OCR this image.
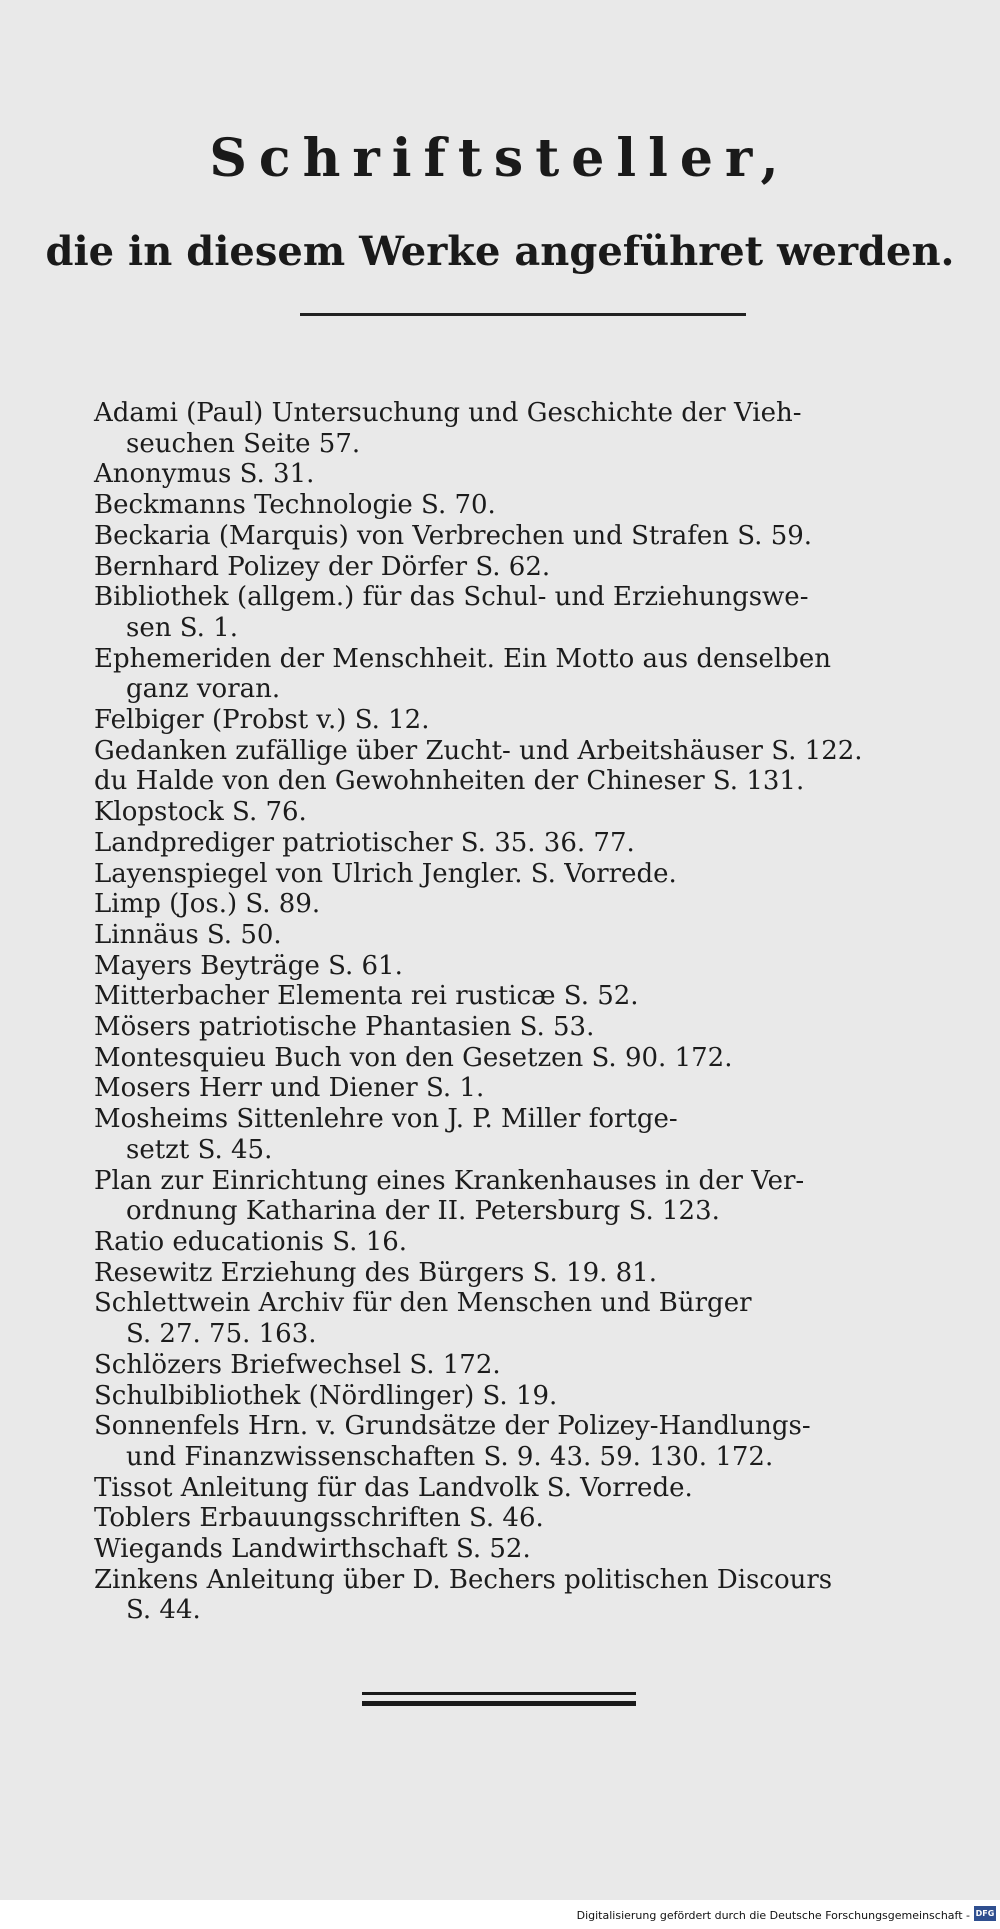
Schriftsteller,
die in diesem Werke angeführet werden.
Adami (Paul) Untersuchung und Geschichte der Vieh-
seuchen Seite 57.
Anonymus S. 31.
Beckmanns Technologie S. 70.
Beckaria (Marquis) von Verbrechen und Strafen S. 59.
Bernhard Polizey der Dörfer S. 62.
Bibliothek (allgem.) für das Schul- und Erziehungswe-
sen S. 1.
Ephemeriden der Menschheit. Ein Motto aus denselben
ganz voran.
Felbiger (Probst v.) S. 12.
Gedanken zufällige über Zucht- und Arbeitshäuser S. 122.
du Halde von den Gewohnheiten der Chineser S. 131.
Klopstock S. 76.
Landprediger patriotischer S. 35. 36. 77.
Layenspiegel von Ulrich Jengler. S. Vorrede.
Limp (Jos.) S. 89.
Linnäus S. 50.
Mayers Beyträge S. 61.
Mitterbacher Elementa rei rusticæ S. 52.
Mösers patriotische Phantasien S. 53.
Montesquieu Buch von den Gesetzen S. 90. 172.
Mosers Herr und Diener S. 1.
Mosheims Sittenlehre von J. P. Miller fortge-
setzt S. 45.
Plan zur Einrichtung eines Krankenhauses in der Ver-
ordnung Katharina der II. Petersburg S. 123.
Ratio educationis S. 16.
Resewitz Erziehung des Bürgers S. 19. 81.
Schlettwein Archiv für den Menschen und Bürger
S. 27. 75. 163.
Schlözers Briefwechsel S. 172.
Schulbibliothek (Nördlinger) S. 19.
Sonnenfels Hrn. v. Grundsätze der Polizey-Handlungs-
und Finanzwissenschaften S. 9. 43. 59. 130. 172.
Tissot Anleitung für das Landvolk S. Vorrede.
Toblers Erbauungsschriften S. 46.
Wiegands Landwirthschaft S. 52.
Zinkens Anleitung über D. Bechers politischen Discours
S. 44.
Digitalisierung gefördert durch die Deutsche Forschungsgemeinschaft - DFG
